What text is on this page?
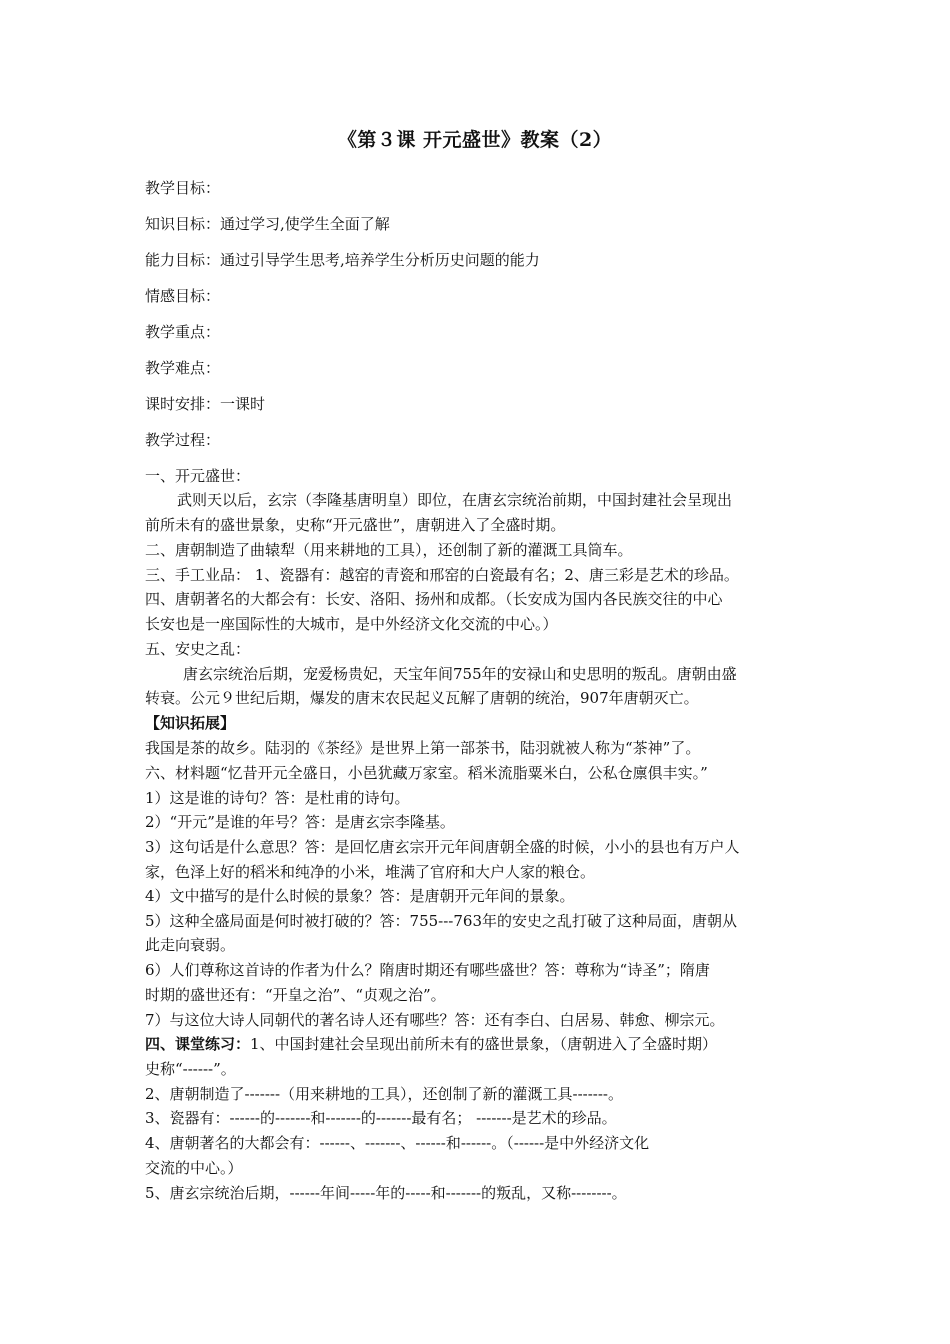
《第３课 开元盛世》教案（2）
教学目标：
知识目标：通过学习,使学生全面了解
能力目标：通过引导学生思考,培养学生分析历史问题的能力
情感目标：
教学重点：
教学难点：
课时安排：一课时
教学过程：
一、开元盛世：
武则天以后，玄宗（李隆基唐明皇）即位，在唐玄宗统治前期，中国封建社会呈现出
前所未有的盛世景象，史称“开元盛世”，唐朝进入了全盛时期。
二、唐朝制造了曲辕犁（用来耕地的工具），还创制了新的灌溉工具筒车。
三、手工业品： 1、瓷器有：越窑的青瓷和邢窑的白瓷最有名；2、唐三彩是艺术的珍品。
四、唐朝著名的大都会有：长安、洛阳、扬州和成都。（长安成为国内各民族交往的中心
长安也是一座国际性的大城市，是中外经济文化交流的中心。）
五、安史之乱：
唐玄宗统治后期，宠爱杨贵妃，天宝年间755年的安禄山和史思明的叛乱。唐朝由盛
转衰。公元９世纪后期，爆发的唐末农民起义瓦解了唐朝的统治，907年唐朝灭亡。
【知识拓展】
我国是茶的故乡。陆羽的《茶经》是世界上第一部茶书，陆羽就被人称为“茶神”了。
六、材料题“忆昔开元全盛日，小邑犹藏万家室。稻米流脂粟米白，公私仓廪俱丰实。”
1）这是谁的诗句？答：是杜甫的诗句。
2）“开元”是谁的年号？答：是唐玄宗李隆基。
3）这句话是什么意思？答：是回忆唐玄宗开元年间唐朝全盛的时候，小小的县也有万户人
家，色泽上好的稻米和纯净的小米，堆满了官府和大户人家的粮仓。
4）文中描写的是什么时候的景象？答：是唐朝开元年间的景象。
5）这种全盛局面是何时被打破的？答：755---763年的安史之乱打破了这种局面，唐朝从
此走向衰弱。
6）人们尊称这首诗的作者为什么？隋唐时期还有哪些盛世？答：尊称为“诗圣”；隋唐
时期的盛世还有：“开皇之治”、“贞观之治”。
7）与这位大诗人同朝代的著名诗人还有哪些？答：还有李白、白居易、韩愈、柳宗元。
四、课堂练习：1、中国封建社会呈现出前所未有的盛世景象，（唐朝进入了全盛时期）
史称“------”。
2、唐朝制造了-------（用来耕地的工具），还创制了新的灌溉工具-------。
3、瓷器有：------的-------和-------的-------最有名； -------是艺术的珍品。
4、唐朝著名的大都会有：------、-------、------和------。（------是中外经济文化
交流的中心。）
5、唐玄宗统治后期，------年间-----年的-----和-------的叛乱，又称--------。
